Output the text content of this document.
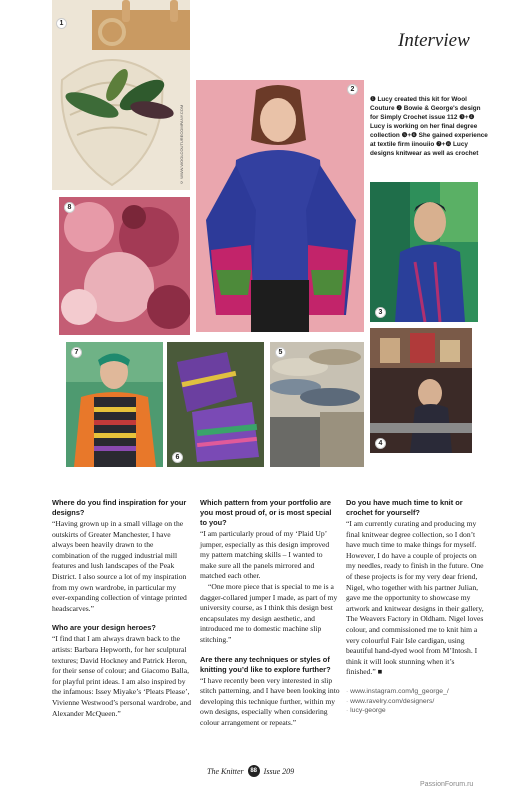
Interview
1
© WWW.WOOLCOUTURECOMPANY.COM
2
❶ Lucy created this kit for Wool Couture ❷ Bowie & George's design for Simply Crochet issue 112 ❸+❹ Lucy is working on her final degree collection ❺+❻ She gained experience at textile firm iinouiio ❼+❽ Lucy designs knitwear as well as crochet
8
3
7
6
5
4
Where do you find inspiration for your designs?
“Having grown up in a small village on the outskirts of Greater Manchester, I have always been heavily drawn to the combination of the rugged industrial mill features and lush landscapes of the Peak District. I also source a lot of my inspiration from my own wardrobe, in particular my ever-expanding collection of vintage printed headscarves.”
Who are your design heroes?
“I find that I am always drawn back to the artists: Barbara Hepworth, for her sculptural textures; David Hockney and Patrick Heron, for their sense of colour; and Giacomo Balla, for playful print ideas. I am also inspired by the infamous: Issey Miyake’s ‘Pleats Please’, Vivienne Westwood’s personal wardrobe, and Alexander McQueen.”
Which pattern from your portfolio are you most proud of, or is most special to you?
“I am particularly proud of my ‘Plaid Up’ jumper, especially as this design improved my pattern matching skills – I wanted to make sure all the panels mirrored and matched each other.
“One more piece that is special to me is a dagger-collared jumper I made, as part of my university course, as I think this design best encapsulates my design aesthetic, and introduced me to domestic machine slip stitching.”
Are there any techniques or styles of knitting you’d like to explore further?
“I have recently been very interested in slip stitch patterning, and I have been looking into developing this technique further, within my own designs, especially when considering colour arrangement or repeats.”
Do you have much time to knit or crochet for yourself?
“I am currently curating and producing my final knitwear degree collection, so I don’t have much time to make things for myself. However, I do have a couple of projects on my needles, ready to finish in the future. One of these projects is for my very dear friend, Nigel, who together with his partner Julian, gave me the opportunity to showcase my artwork and knitwear designs in their gallery, The Weavers Factory in Oldham. Nigel loves colour, and commissioned me to knit him a very colourful Fair Isle cardigan, using beautiful hand-dyed wool from M’Intosh. I think it will look stunning when it’s finished.” ■
· www.instagram.com/lg_george_/
· www.ravelry.com/designers/
· lucy-george
The Knitter	88 Issue 209
PassionForum.ru
